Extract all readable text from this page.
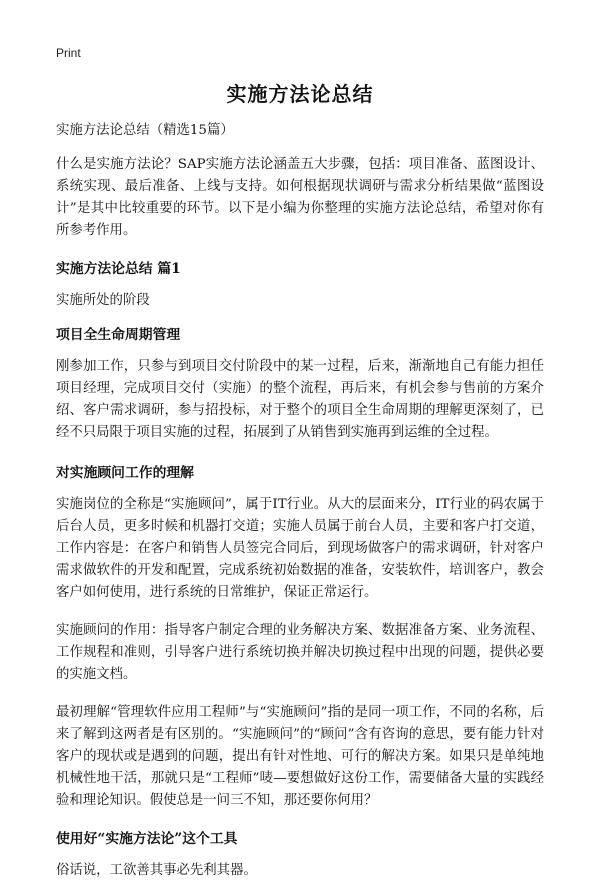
Print
实施方法论总结

实施方法论总结（精选15篇）

什么是实施方法论？SAP实施方法论涵盖五大步骤，包括：项目准备、蓝图设计、系统实现、最后准备、上线与支持。如何根据现状调研与需求分析结果做“蓝图设计”是其中比较重要的环节。以下是小编为你整理的实施方法论总结，希望对你有所参考作用。

实施方法论总结 篇1

实施所处的阶段

项目全生命周期管理

刚参加工作，只参与到项目交付阶段中的某一过程，后来，渐渐地自己有能力担任项目经理，完成项目交付（实施）的整个流程，再后来，有机会参与售前的方案介绍、客户需求调研，参与招投标，对于整个的项目全生命周期的理解更深刻了，已经不只局限于项目实施的过程，拓展到了从销售到实施再到运维的全过程。

对实施顾问工作的理解

实施岗位的全称是“实施顾问”，属于IT行业。从大的层面来分，IT行业的码农属于后台人员，更多时候和机器打交道；实施人员属于前台人员，主要和客户打交道，工作内容是：在客户和销售人员签完合同后，到现场做客户的需求调研，针对客户需求做软件的开发和配置，完成系统初始数据的准备，安装软件，培训客户，教会客户如何使用，进行系统的日常维护，保证正常运行。

实施顾问的作用：指导客户制定合理的业务解决方案、数据准备方案、业务流程、工作规程和准则，引导客户进行系统切换并解决切换过程中出现的问题，提供必要的实施文档。

最初理解“管理软件应用工程师”与“实施顾问”指的是同一项工作，不同的名称，后来了解到这两者是有区别的。“实施顾问”的“顾问”含有咨询的意思，要有能力针对客户的现状或是遇到的问题，提出有针对性地、可行的解决方案。如果只是单纯地机械性地干活，那就只是“工程师”唛—要想做好这份工作，需要储备大量的实践经验和理论知识。假使总是一问三不知，那还要你何用？

使用好“实施方法论”这个工具

俗话说，工欲善其事必先利其器。
